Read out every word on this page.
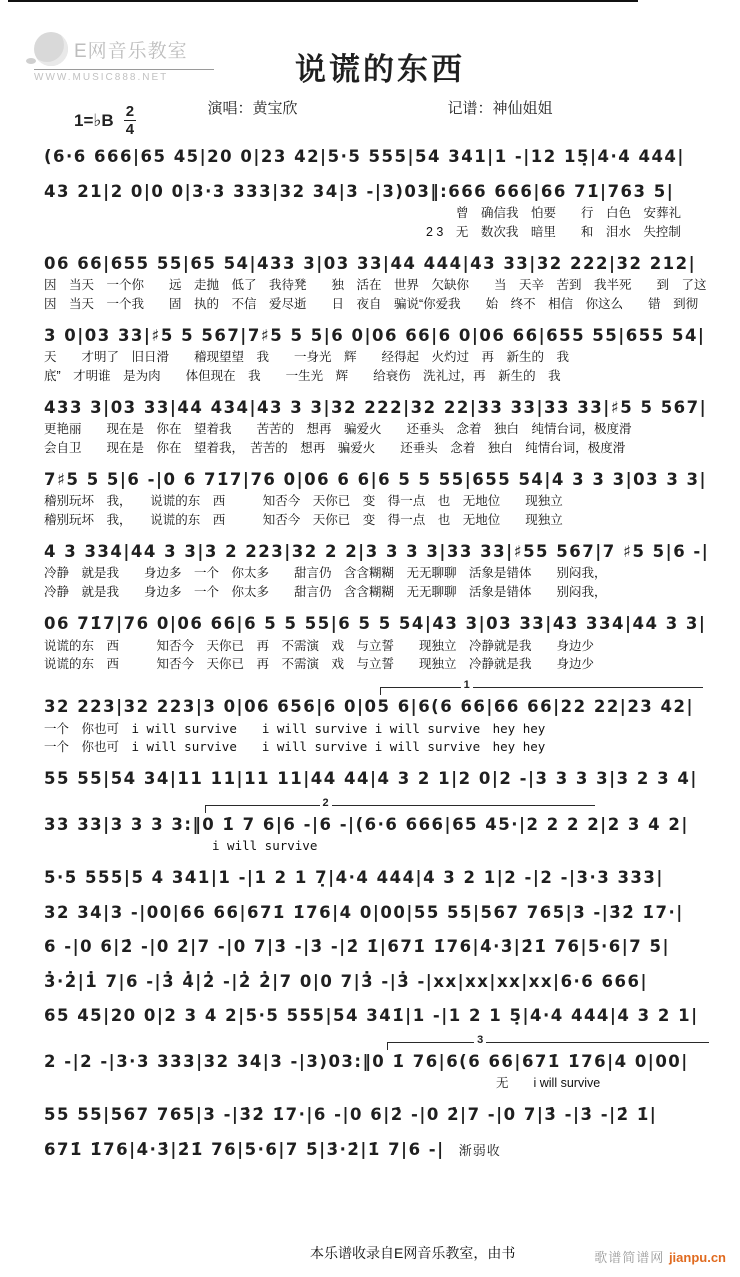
E网音乐教室
WWW.MUSIC888.NET
1=♭B 2
4
说谎的东西
演唱：黄宝欣	记谱：神仙姐姐
(6·6 666|65 45|20 0|23 42|5·5 555|54 341|1 -|12 15̣|4·4 444|
43 21|2 0|0 0|3·3 333|32 34|3 -|3)03‖:666 666|66 71̇|763 5|
曾　确信我　怕要　　行　白色　安葬礼
2 3　无　数次我　暗里　　和　泪水　失控制
06 66|655 55|65 54|433 3|03 33|44 444|43 33|32 222|32 212|
因　当天　一个你　　远　走抛　低了　我待凳　　独　活在　世界　欠缺你　　当　天辛　苦到　我半死　　到　了这
因　当天　一个我　　固　执的　不信　爱尽逝　　日　夜自　骗说“你爱我　　始　终不　相信　你这么　　错　到彻
3 0|03 33|♯5 5 567|7♯5 5 5|6 0|06 66|6 0|06 66|655 55|655 54|
天　　才明了　旧日滑　　稽现望望　我　　一身光　辉　　经得起　火灼过　再　新生的　我
底”　才明谁　是为肉　　体但现在　我　　一生光　辉　　给衰伤　洗礼过，再　新生的　我
433 3|03 33|44 434|43 3 3|32 222|32 22|33 33|33 33|♯5 5 567|
更艳丽　　现在是　你在　望着我　　苦苦的　想再　骗爱火　　还垂头　念着　独白　纯情台词，极度滑
会自卫　　现在是　你在　望着我，　苦苦的　想再　骗爱火　　还垂头　念着　独白　纯情台词，极度滑
7♯5 5 5|6 -|0 6 71̇7|76 0|06 6 6|6 5 5 55|655 54|4 3 3 3|03 3 3|
稽别玩坏　我，　　说谎的东　西　　　知否今　天你已　变　得一点　也　无地位　　现独立
稽别玩坏　我，　　说谎的东　西　　　知否今　天你已　变　得一点　也　无地位　　现独立
4 3 334|44 3 3|3 2 223|32 2 2|3 3 3 3|33 33|♯55 567|7 ♯5 5|6 -|
冷静　就是我　　身边多　一个　你太多　　甜言仍　含含糊糊　无无聊聊　活象是错体　　别闷我，
冷静　就是我　　身边多　一个　你太多　　甜言仍　含含糊糊　无无聊聊　活象是错体　　别闷我，
06 71̇7|76 0|06 66|6 5 5 55|6 5 5 54|43 3|03 33|43 334|44 3 3|
说谎的东　西　　　知否今　天你已　再　不需演　戏　与立誓　　现独立　冷静就是我　　身边少
说谎的东　西　　　知否今　天你已　再　不需演　戏　与立誓　　现独立　冷静就是我　　身边少
1
32 223|32 223|3 0|06 656|6 0|05 6|6(6 66|66 66|22 22|23 42|
一个　你也可　i will survive　　i will survive i will survive　hey hey
一个　你也可　i will survive　　i will survive i will survive　hey hey
55 55|54 34|11 11|11 11|44 44|4 3 2 1|2 0|2 -|3 3 3 3|3 2 3 4|
2
33 33|3 3 3 3:‖0 1̇ 7 6|6 -|6 -|(6·6 666|65 45·|2 2 2 2|2 3 4 2|
i will survive
5·5 555|5 4 341|1 -|1 2 1 7̣|4·4 444|4 3 2 1|2 -|2 -|3·3 333|
32 34|3 -|00|66 66|671̇ 1̇76|4 0|00|55 55|567 765|3 -|3̇2̇ 1̇7·|
6 -|0 6|2̇ -|0 2̇|7 -|0 7|3̇ -|3̇ -|2̇ 1̇|671̇ 1̇76|4̇·3̇|2̇1̇ 76|5·6|7 5̇|
3̇·2̇|1̇ 7|6 -|3̇ 4̇|2̇ -|2̇ 2̇|7 0|0 7|3̇ -|3̇ -|xx|xx|xx|xx|6·6 666|
65 45|20 0|2 3 4 2|5·5 555|54 341̇|1 -|1 2 1 5̣|4·4 444|4 3 2 1|
3
2 -|2 -|3·3 333|32 34|3 -|3)03:‖0 1̇ 76|6(6 66|671̇ 1̇76|4 0|00|
无　　i will survive
55 55|567 765|3 -|3̇2̇ 1̇7·|6 -|0 6|2̇ -|0 2̇|7 -|0 7|3̇ -|3̇ -|2̇ 1̇|
671̇ 1̇76|4̇·3̇|2̇1̇ 76|5·6|7 5̇|3̇·2̇|1̇ 7|6 -| 渐弱收
本乐谱收录自E网音乐教室，由书	歌谱简谱网 jianpu.cn
